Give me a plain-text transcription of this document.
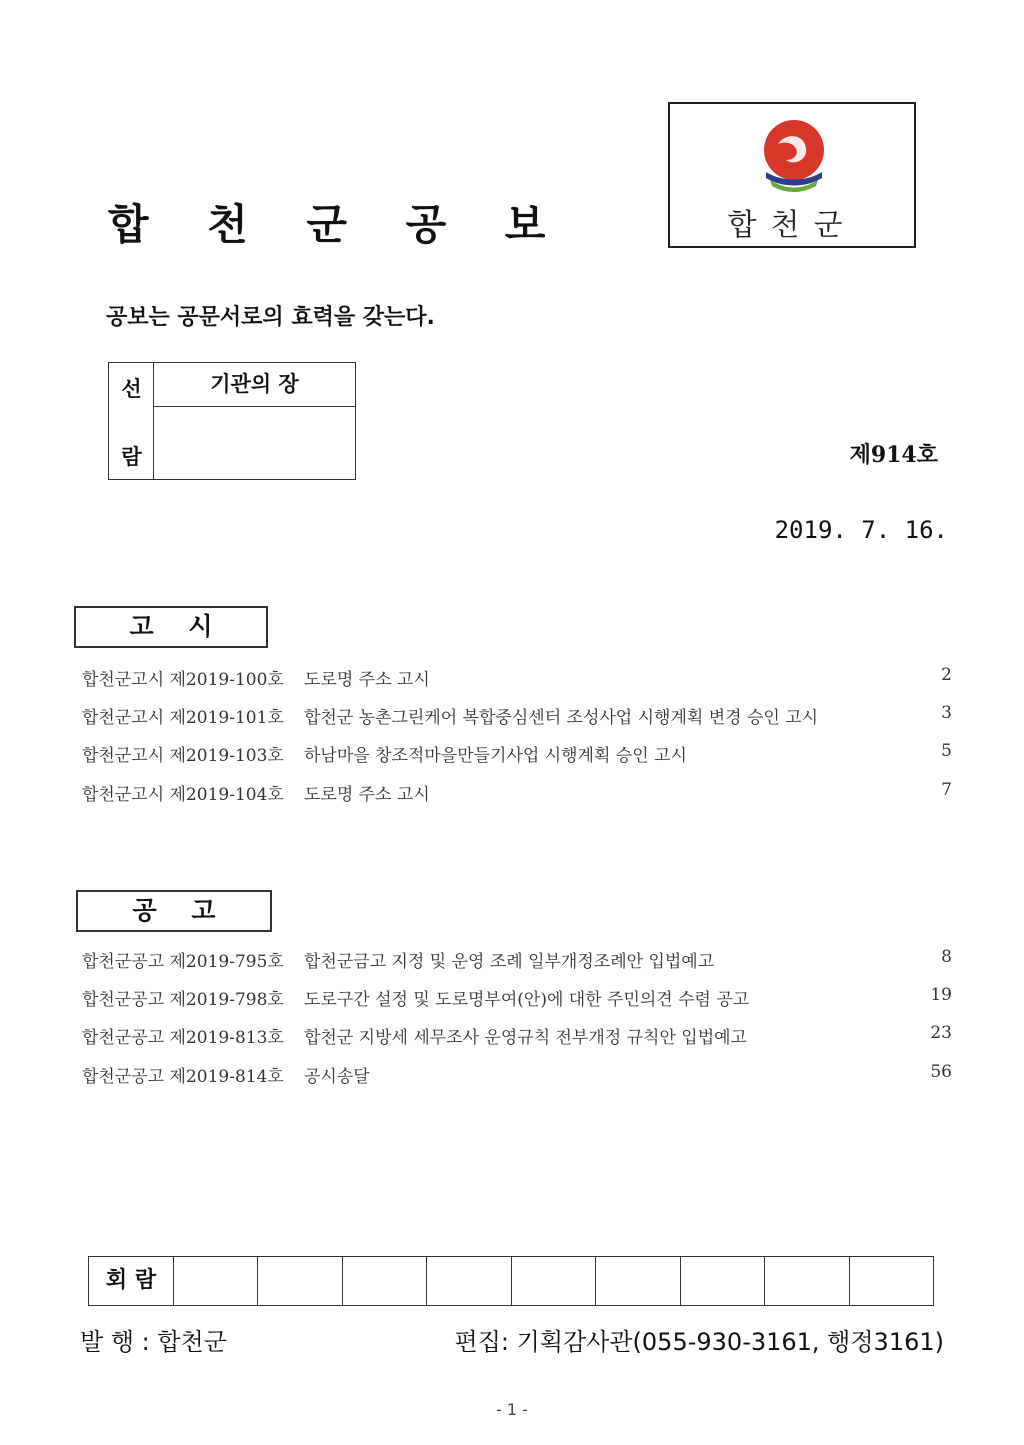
합 천 군 공 보	합천군
공보는 공문서로의 효력을 갖는다.
선
람
기관의 장
제914호
2019. 7. 16.
고    시
합천군고시 제2019-100호 도로명 주소 고시	2
합천군고시 제2019-101호 합천군 농촌그린케어 복합중심센터 조성사업 시행계획 변경 승인 고시	3
합천군고시 제2019-103호 하남마을 창조적마을만들기사업 시행계획 승인 고시	5
합천군고시 제2019-104호 도로명 주소 고시	7
공    고
합천군공고 제2019-795호 합천군금고 지정 및 운영 조례 일부개정조례안 입법예고	8
합천군공고 제2019-798호 도로구간 설정 및 도로명부여(안)에 대한 주민의견 수렴 공고	19
합천군공고 제2019-813호 합천군 지방세 세무조사 운영규칙 전부개정 규칙안 입법예고	23
합천군공고 제2019-814호 공시송달	56
회 람
발 행 : 합천군	편집: 기획감사관(055-930-3161, 행정3161)
- 1 -
